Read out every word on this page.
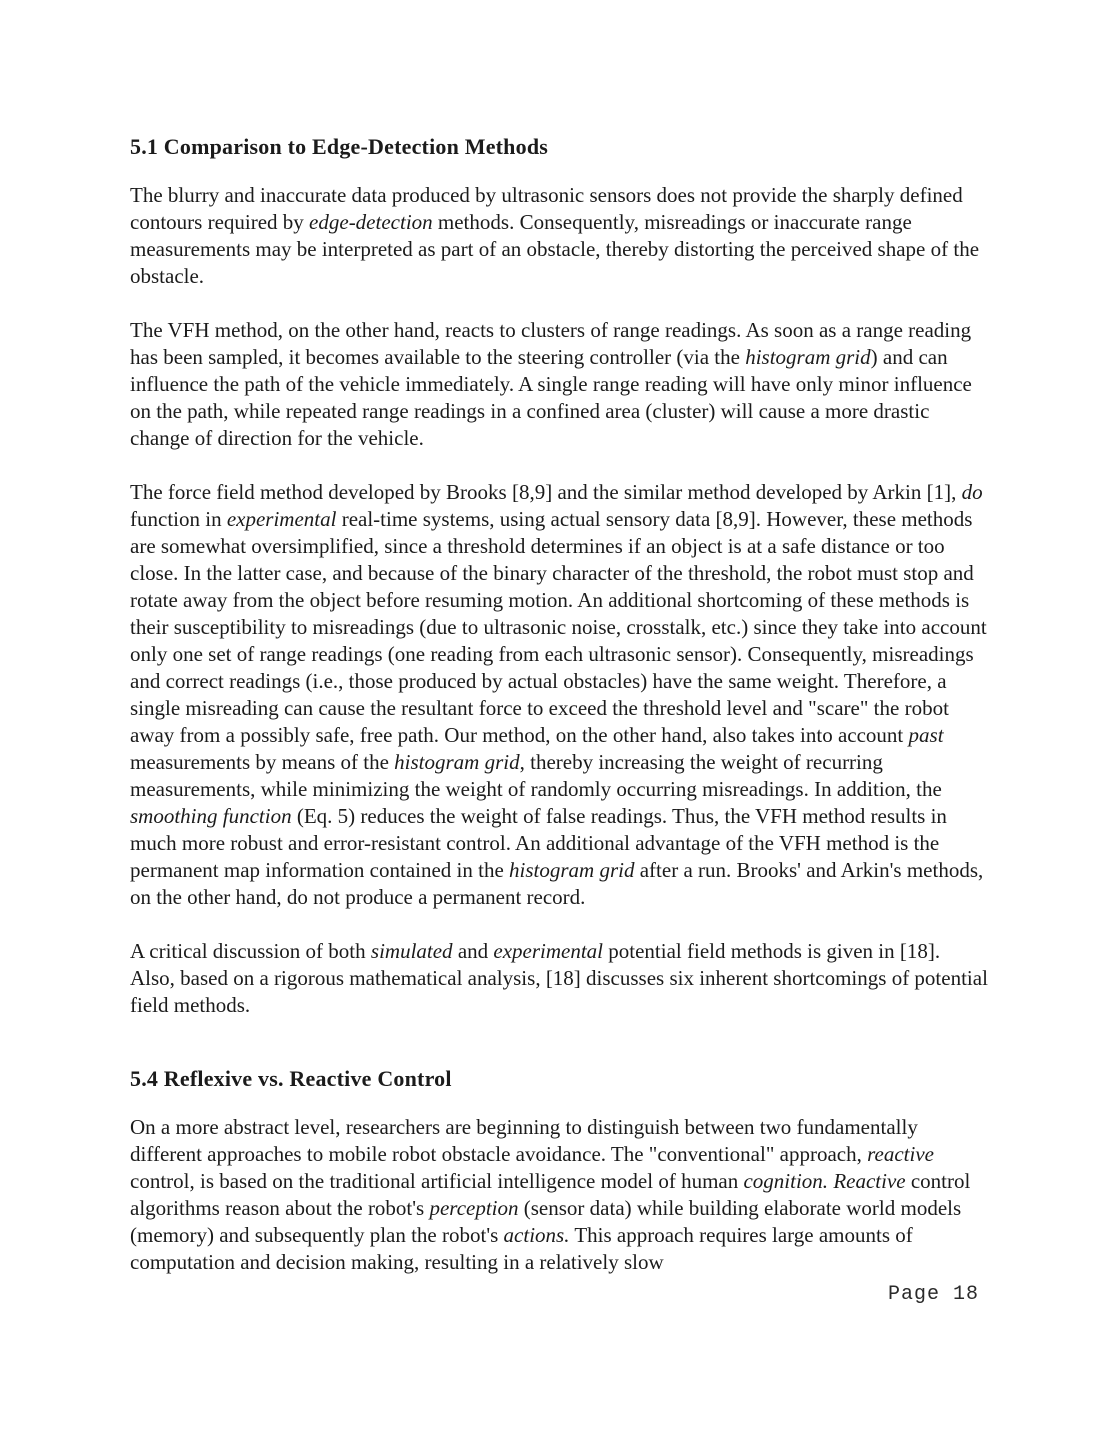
5.1 Comparison to Edge-Detection Methods

The blurry and inaccurate data produced by ultrasonic sensors does not provide the sharply defined contours required by edge-detection methods. Consequently, misreadings or inaccurate range measurements may be interpreted as part of an obstacle, thereby distorting the perceived shape of the obstacle.

The VFH method, on the other hand, reacts to clusters of range readings. As soon as a range reading has been sampled, it becomes available to the steering controller (via the histogram grid) and can influence the path of the vehicle immediately. A single range reading will have only minor influence on the path, while repeated range readings in a confined area (cluster) will cause a more drastic change of direction for the vehicle.

The force field method developed by Brooks [8,9] and the similar method developed by Arkin [1], do function in experimental real-time systems, using actual sensory data [8,9]. However, these methods are somewhat oversimplified, since a threshold determines if an object is at a safe distance or too close. In the latter case, and because of the binary character of the threshold, the robot must stop and rotate away from the object before resuming motion. An additional shortcoming of these methods is their susceptibility to misreadings (due to ultrasonic noise, crosstalk, etc.) since they take into account only one set of range readings (one reading from each ultrasonic sensor). Consequently, misreadings and correct readings (i.e., those produced by actual obstacles) have the same weight. Therefore, a single misreading can cause the resultant force to exceed the threshold level and "scare" the robot away from a possibly safe, free path. Our method, on the other hand, also takes into account past measurements by means of the histogram grid, thereby increasing the weight of recurring measurements, while minimizing the weight of randomly occurring misreadings. In addition, the smoothing function (Eq. 5) reduces the weight of false readings. Thus, the VFH method results in much more robust and error-resistant control. An additional advantage of the VFH method is the permanent map information contained in the histogram grid after a run. Brooks' and Arkin's methods, on the other hand, do not produce a permanent record.

A critical discussion of both simulated and experimental potential field methods is given in [18]. Also, based on a rigorous mathematical analysis, [18] discusses six inherent shortcomings of potential field methods.

5.4 Reflexive vs. Reactive Control

On a more abstract level, researchers are beginning to distinguish between two fundamentally different approaches to mobile robot obstacle avoidance. The "conventional" approach, reactive control, is based on the traditional artificial intelligence model of human cognition. Reactive control algorithms reason about the robot's perception (sensor data) while building elaborate world models (memory) and subsequently plan the robot's actions. This approach requires large amounts of computation and decision making, resulting in a relatively slow

Page 18
